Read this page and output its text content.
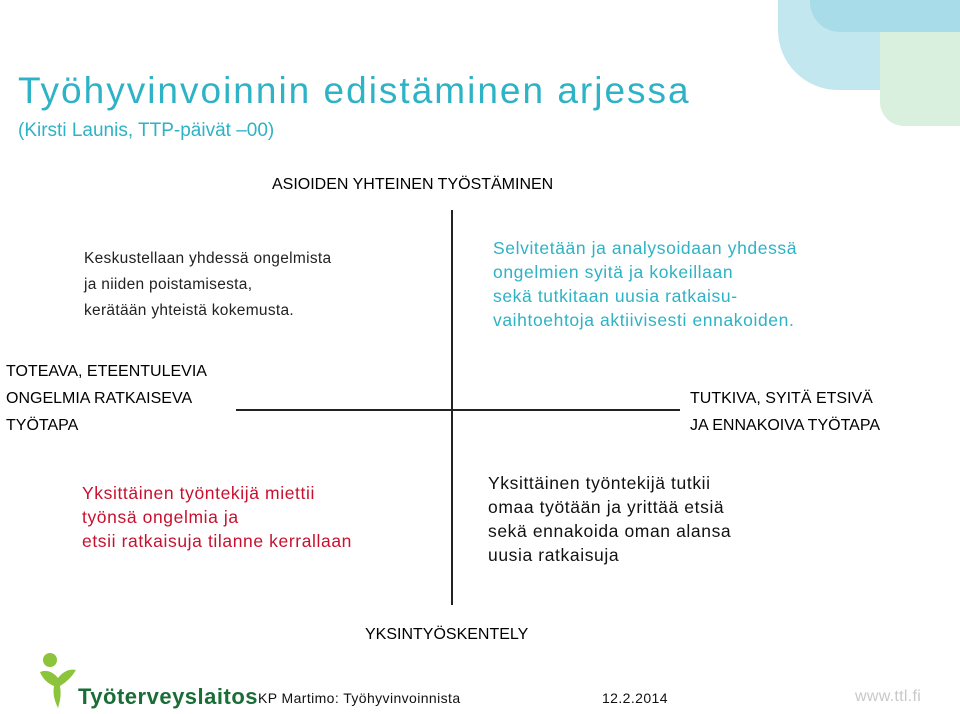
Työhyvinvoinnin edistäminen arjessa
(Kirsti Launis, TTP-päivät –00)
ASIOIDEN YHTEINEN TYÖSTÄMINEN
Keskustellaan yhdessä ongelmista
ja niiden poistamisesta,
kerätään yhteistä kokemusta.
Selvitetään ja analysoidaan yhdessä
ongelmien syitä ja kokeillaan
sekä tutkitaan uusia ratkaisu-
vaihtoehtoja aktiivisesti ennakoiden.
TOTEAVA, ETEENTULEVIA
ONGELMIA RATKAISEVA
TYÖTAPA
TUTKIVA, SYITÄ ETSIVÄ
JA ENNAKOIVA TYÖTAPA
Yksittäinen työntekijä miettii
työnsä ongelmia ja
etsii ratkaisuja tilanne kerrallaan
Yksittäinen työntekijä tutkii
omaa työtään ja yrittää etsiä
sekä ennakoida oman alansa
uusia ratkaisuja
YKSINTYÖSKENTELY
Työterveyslaitos KP Martimo: Työhyvinvoinnista	12.2.2014	www.ttl.fi
